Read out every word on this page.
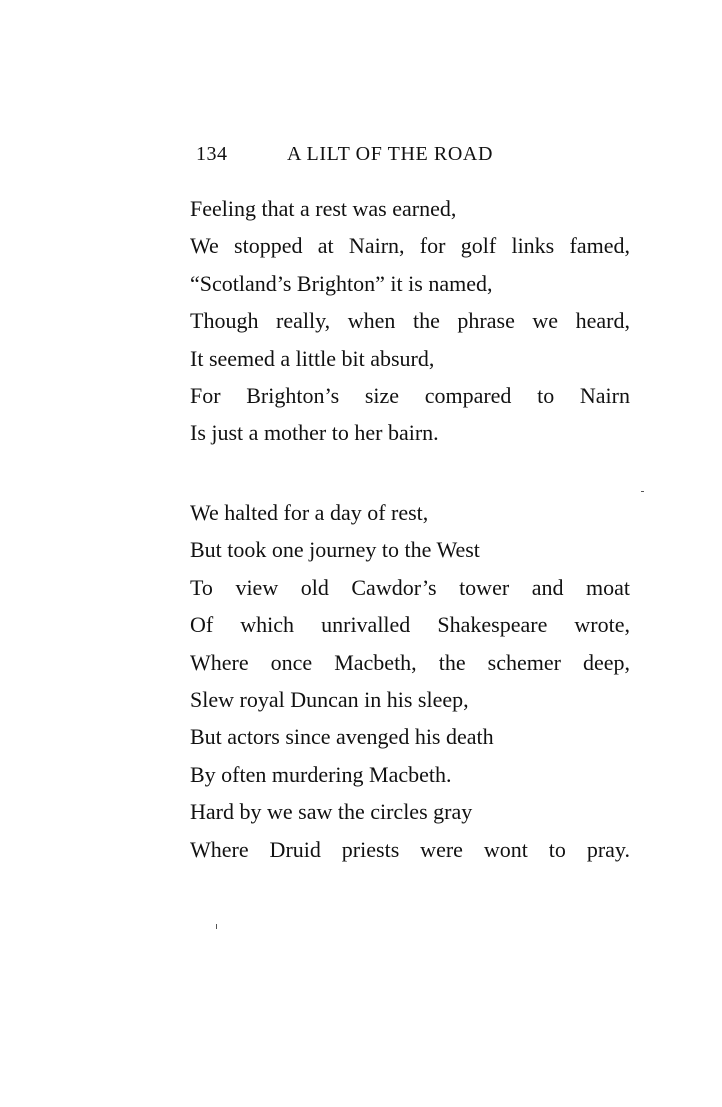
134	A LILT OF THE ROAD
Feeling that a rest was earned,
We stopped at Nairn, for golf links famed,
“Scotland’s Brighton” it is named,
Though really, when the phrase we heard,
It seemed a little bit absurd,
For Brighton’s size compared to Nairn
Is just a mother to her bairn.
We halted for a day of rest,
But took one journey to the West
To view old Cawdor’s tower and moat
Of which unrivalled Shakespeare wrote,
Where once Macbeth, the schemer deep,
Slew royal Duncan in his sleep,
But actors since avenged his death
By often murdering Macbeth.
Hard by we saw the circles gray
Where Druid priests were wont to pray.
